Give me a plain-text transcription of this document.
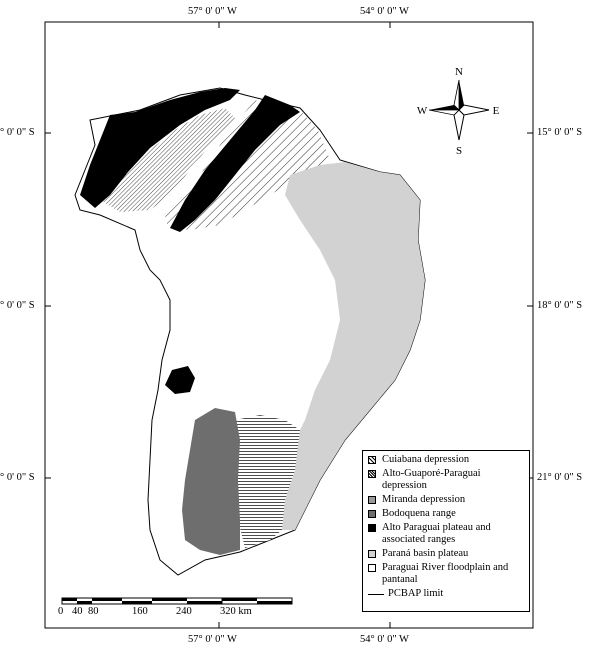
N
S
E
W
57° 0' 0" W	54° 0' 0" W
57° 0' 0" W	54° 0' 0" W
° 0' 0" S
° 0' 0" S
° 0' 0" S
15° 0' 0" S
18° 0' 0" S
21° 0' 0" S
0 40 80	160	240	320 km
Cuiabana depression
Alto-Guaporé-Paraguai depression
Miranda depression
Bodoquena range
Alto Paraguai plateau and associated ranges
Paraná basin plateau
Paraguai River floodplain and pantanal
PCBAP limit
